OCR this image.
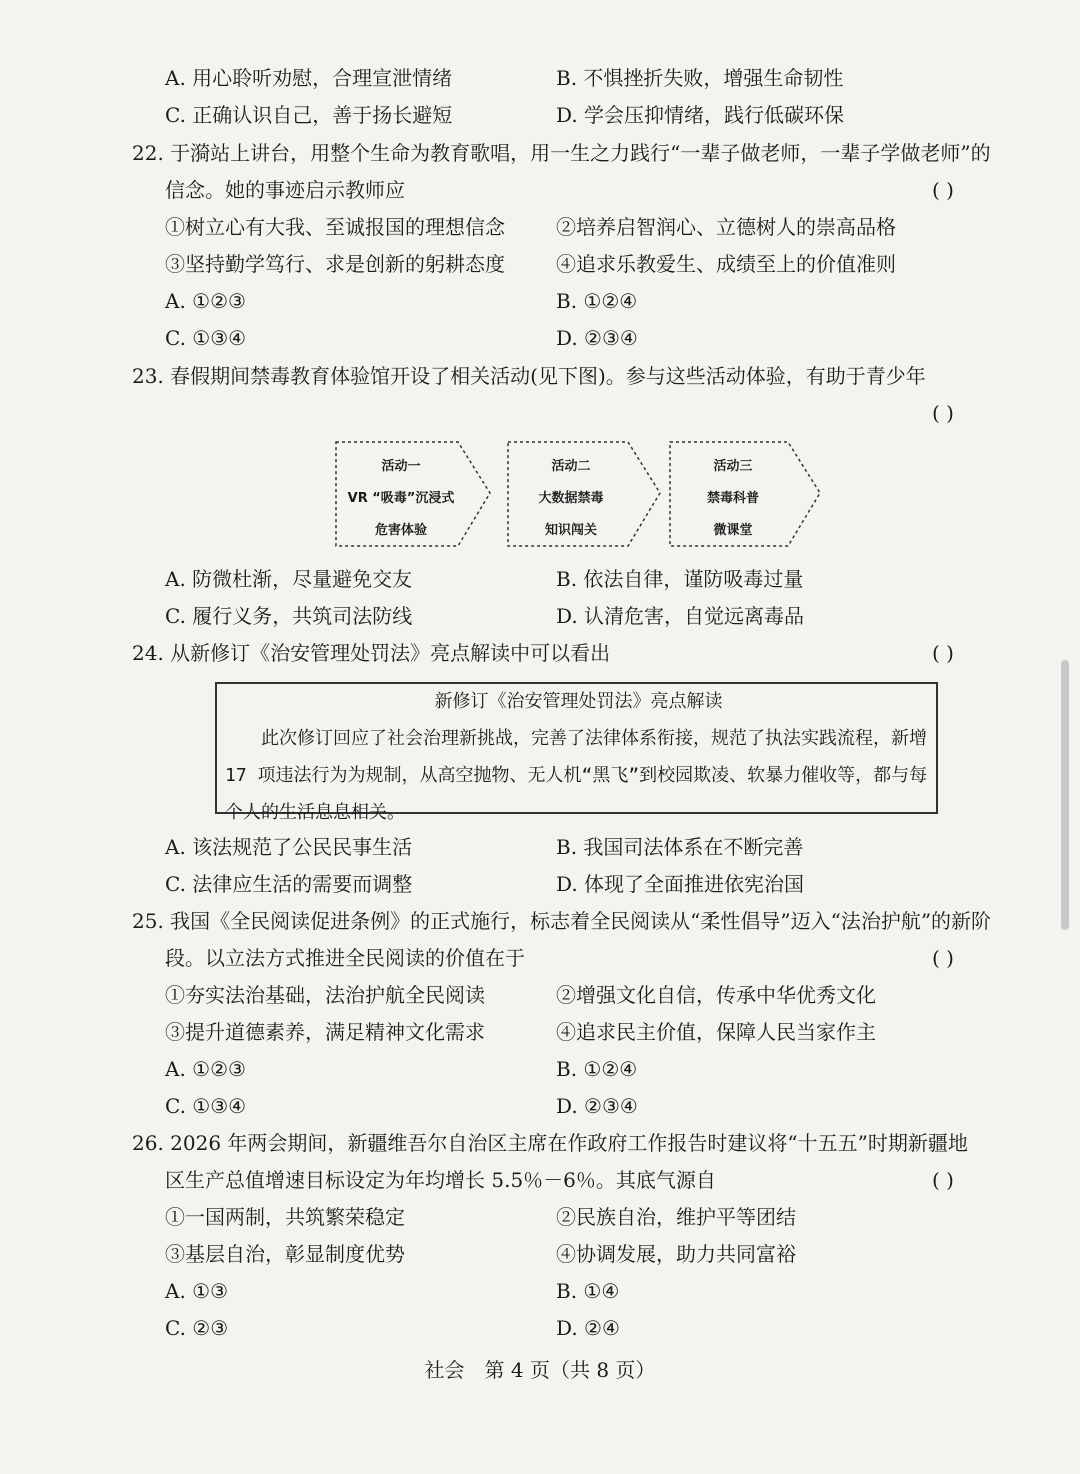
A. 用心聆听劝慰，合理宣泄情绪	B. 不惧挫折失败，增强生命韧性
C. 正确认识自己，善于扬长避短	D. 学会压抑情绪，践行低碳环保
22. 于漪站上讲台，用整个生命为教育歌唱，用一生之力践行“一辈子做老师，一辈子学做老师”的
信念。她的事迹启示教师应	( )
①树立心有大我、至诚报国的理想信念	②培养启智润心、立德树人的崇高品格
③坚持勤学笃行、求是创新的躬耕态度	④追求乐教爱生、成绩至上的价值准则
A. ①②③	B. ①②④
C. ①③④	D. ②③④
23. 春假期间禁毒教育体验馆开设了相关活动(见下图)。参与这些活动体验，有助于青少年
( )
活动一
VR “吸毒”沉浸式
危害体验
活动二
大数据禁毒
知识闯关
活动三
禁毒科普
微课堂
A. 防微杜渐，尽量避免交友	B. 依法自律，谨防吸毒过量
C. 履行义务，共筑司法防线	D. 认清危害，自觉远离毒品
24. 从新修订《治安管理处罚法》亮点解读中可以看出	( )
新修订《治安管理处罚法》亮点解读
　　此次修订回应了社会治理新挑战，完善了法律体系衔接，规范了执法实践流程，新增 17 项违法行为为规制，从高空抛物、无人机“黑飞”到校园欺凌、软暴力催收等，都与每个人的生活息息相关。
A. 该法规范了公民民事生活	B. 我国司法体系在不断完善
C. 法律应生活的需要而调整	D. 体现了全面推进依宪治国
25. 我国《全民阅读促进条例》的正式施行，标志着全民阅读从“柔性倡导”迈入“法治护航”的新阶
段。以立法方式推进全民阅读的价值在于	( )
①夯实法治基础，法治护航全民阅读	②增强文化自信，传承中华优秀文化
③提升道德素养，满足精神文化需求	④追求民主价值，保障人民当家作主
A. ①②③	B. ①②④
C. ①③④	D. ②③④
26. 2026 年两会期间，新疆维吾尔自治区主席在作政府工作报告时建议将“十五五”时期新疆地
区生产总值增速目标设定为年均增长 5.5％－6％。其底气源自	( )
①一国两制，共筑繁荣稳定	②民族自治，维护平等团结
③基层自治，彰显制度优势	④协调发展，助力共同富裕
A. ①③	B. ①④
C. ②③	D. ②④
社会　第 4 页（共 8 页）
